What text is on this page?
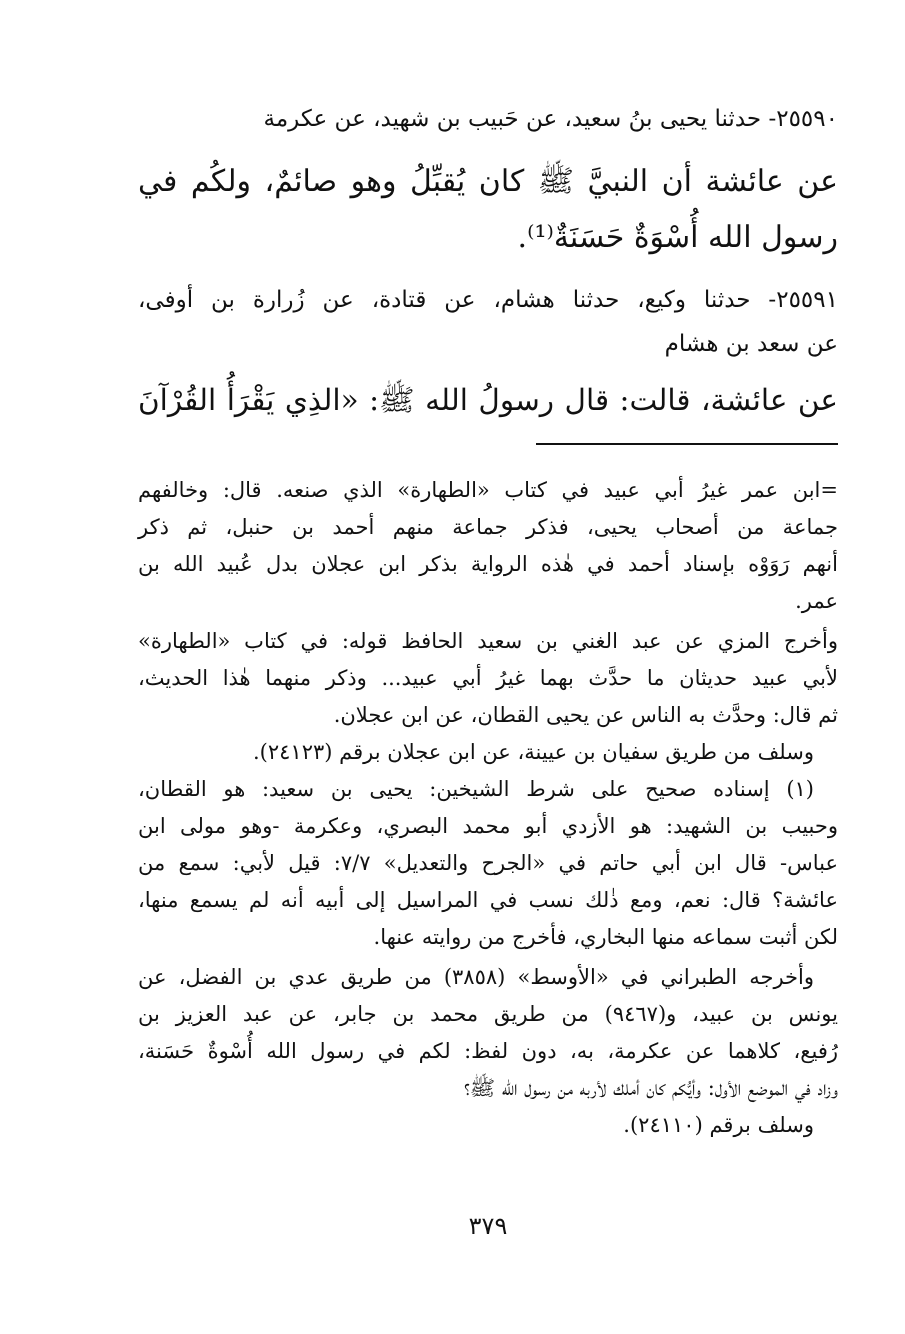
٢٥٥٩٠- حدثنا يحيى بنُ سعيد، عن حَبيب بن شهيد، عن عكرمة
عن عائشة أن النبيَّ ﷺ كان يُقبِّلُ وهو صائمٌ، ولكُم في
رسول الله أُسْوَةٌ حَسَنَةٌ⁽¹⁾.
٢٥٥٩١- حدثنا وكيع، حدثنا هشام، عن قتادة، عن زُرارة بن أوفى،
عن سعد بن هشام
عن عائشة، قالت: قال رسولُ الله ﷺ: «الذِي يَقْرَأُ القُرْآنَ
=ابن عمر غيرُ أبي عبيد في كتاب «الطهارة» الذي صنعه. قال: وخالفهم
جماعة من أصحاب يحيى، فذكر جماعة منهم أحمد بن حنبل، ثم ذكر
أنهم رَوَوْه بإسناد أحمد في هٰذه الرواية بذكر ابن عجلان بدل عُبيد الله بن
عمر.
وأخرج المزي عن عبد الغني بن سعيد الحافظ قوله: في كتاب «الطهارة»
لأبي عبيد حديثان ما حدَّث بهما غيرُ أبي عبيد... وذكر منهما هٰذا الحديث،
ثم قال: وحدَّث به الناس عن يحيى القطان، عن ابن عجلان.
وسلف من طريق سفيان بن عيينة، عن ابن عجلان برقم (٢٤١٢٣).
(١) إسناده صحيح على شرط الشيخين: يحيى بن سعيد: هو القطان،
وحبيب بن الشهيد: هو الأزدي أبو محمد البصري، وعكرمة -وهو مولى ابن
عباس- قال ابن أبي حاتم في «الجرح والتعديل» ٧/٧: قيل لأبي: سمع من
عائشة؟ قال: نعم، ومع ذٰلك نسب في المراسيل إلى أبيه أنه لم يسمع منها،
لكن أثبت سماعه منها البخاري، فأخرج من روايته عنها.
وأخرجه الطبراني في «الأوسط» (٣٨٥٨) من طريق عدي بن الفضل، عن
يونس بن عبيد، و(٩٤٦٧) من طريق محمد بن جابر، عن عبد العزيز بن
رُفيع، كلاهما عن عكرمة، به، دون لفظ: لكم في رسول الله أُسْوةٌ حَسَنة،
وزاد في الموضع الأول: وأيُّكم كان أملك لأربه من رسول الله ﷺ؟
وسلف برقم (٢٤١١٠).
٣٧٩
